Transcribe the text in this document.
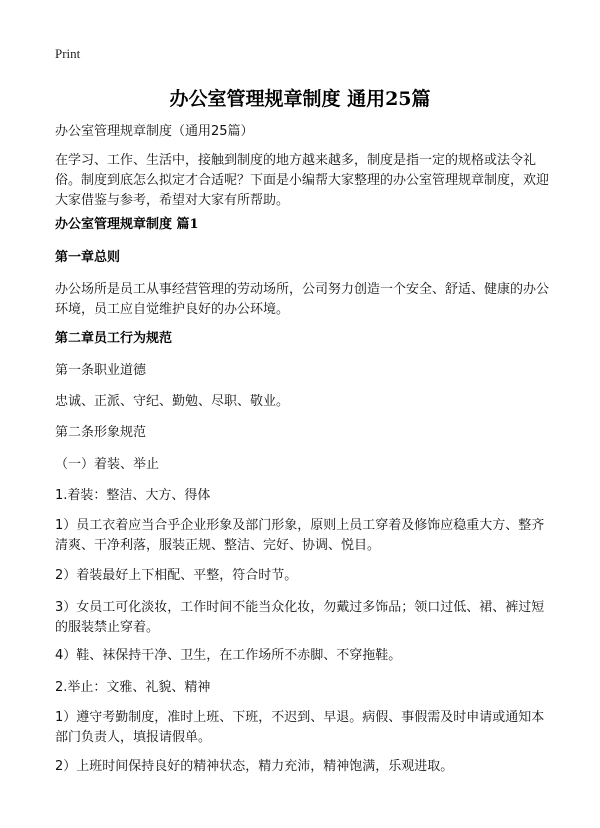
Print
办公室管理规章制度 通用25篇
办公室管理规章制度（通用25篇）
在学习、工作、生活中，接触到制度的地方越来越多，制度是指一定的规格或法令礼俗。制度到底怎么拟定才合适呢？下面是小编帮大家整理的办公室管理规章制度，欢迎大家借鉴与参考，希望对大家有所帮助。
办公室管理规章制度 篇1
第一章总则
办公场所是员工从事经营管理的劳动场所，公司努力创造一个安全、舒适、健康的办公环境，员工应自觉维护良好的办公环境。
第二章员工行为规范
第一条职业道德
忠诚、正派、守纪、勤勉、尽职、敬业。
第二条形象规范
（一）着装、举止
1.着装：整洁、大方、得体
1）员工衣着应当合乎企业形象及部门形象，原则上员工穿着及修饰应稳重大方、整齐清爽、干净利落，服装正规、整洁、完好、协调、悦目。
2）着装最好上下相配、平整，符合时节。
3）女员工可化淡妆，工作时间不能当众化妆，勿戴过多饰品；领口过低、裙、裤过短的服装禁止穿着。
4）鞋、袜保持干净、卫生，在工作场所不赤脚、不穿拖鞋。
2.举止：文雅、礼貌、精神
1）遵守考勤制度，准时上班、下班，不迟到、早退。病假、事假需及时申请或通知本部门负责人，填报请假单。
2）上班时间保持良好的精神状态，精力充沛，精神饱满，乐观进取。
